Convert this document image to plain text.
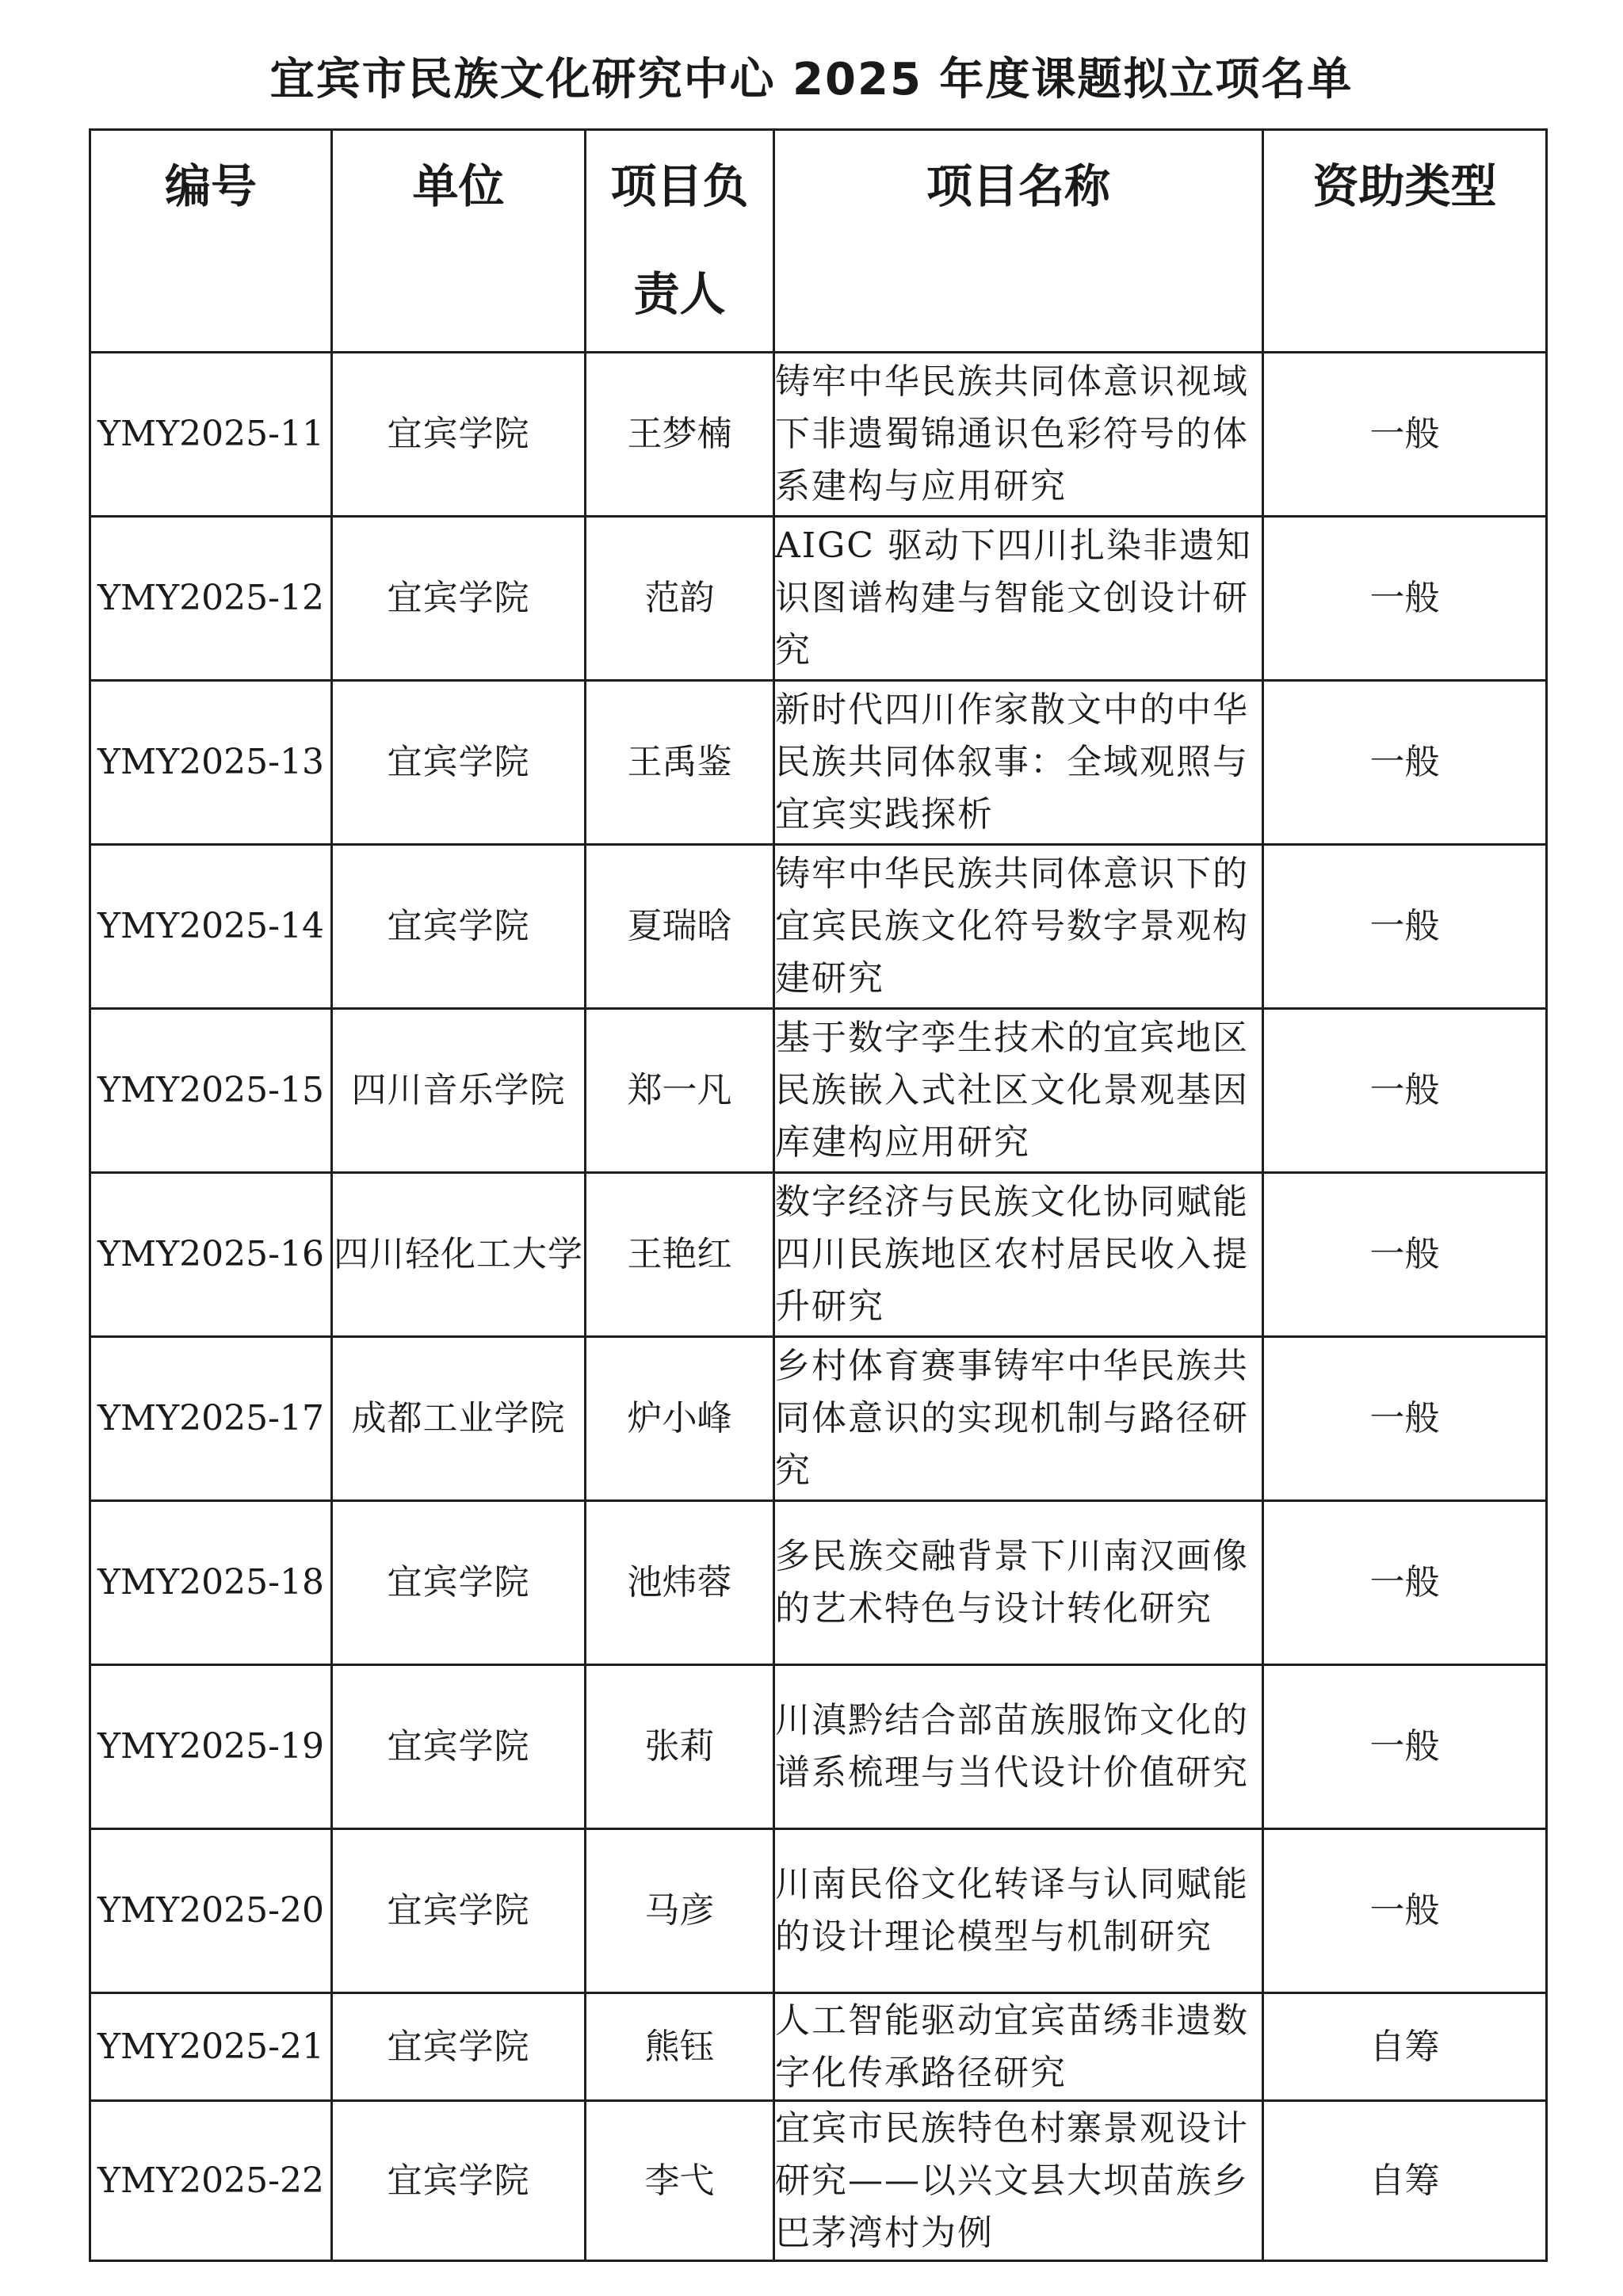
宜宾市民族文化研究中心 2025 年度课题拟立项名单
编号	单位	项目负责人	项目名称	资助类型
YMY2025-11	宜宾学院	王梦楠	铸牢中华民族共同体意识视域下非遗蜀锦通识色彩符号的体系建构与应用研究	一般
YMY2025-12	宜宾学院	范韵	AIGC 驱动下四川扎染非遗知识图谱构建与智能文创设计研究	一般
YMY2025-13	宜宾学院	王禹鉴	新时代四川作家散文中的中华民族共同体叙事：全域观照与宜宾实践探析	一般
YMY2025-14	宜宾学院	夏瑞晗	铸牢中华民族共同体意识下的宜宾民族文化符号数字景观构建研究	一般
YMY2025-15	四川音乐学院	郑一凡	基于数字孪生技术的宜宾地区民族嵌入式社区文化景观基因库建构应用研究	一般
YMY2025-16	四川轻化工大学	王艳红	数字经济与民族文化协同赋能四川民族地区农村居民收入提升研究	一般
YMY2025-17	成都工业学院	炉小峰	乡村体育赛事铸牢中华民族共同体意识的实现机制与路径研究	一般
YMY2025-18	宜宾学院	池炜蓉	多民族交融背景下川南汉画像的艺术特色与设计转化研究	一般
YMY2025-19	宜宾学院	张莉	川滇黔结合部苗族服饰文化的谱系梳理与当代设计价值研究	一般
YMY2025-20	宜宾学院	马彦	川南民俗文化转译与认同赋能的设计理论模型与机制研究	一般
YMY2025-21	宜宾学院	熊钰	人工智能驱动宜宾苗绣非遗数字化传承路径研究	自筹
YMY2025-22	宜宾学院	李弋	宜宾市民族特色村寨景观设计研究——以兴文县大坝苗族乡巴茅湾村为例	自筹
